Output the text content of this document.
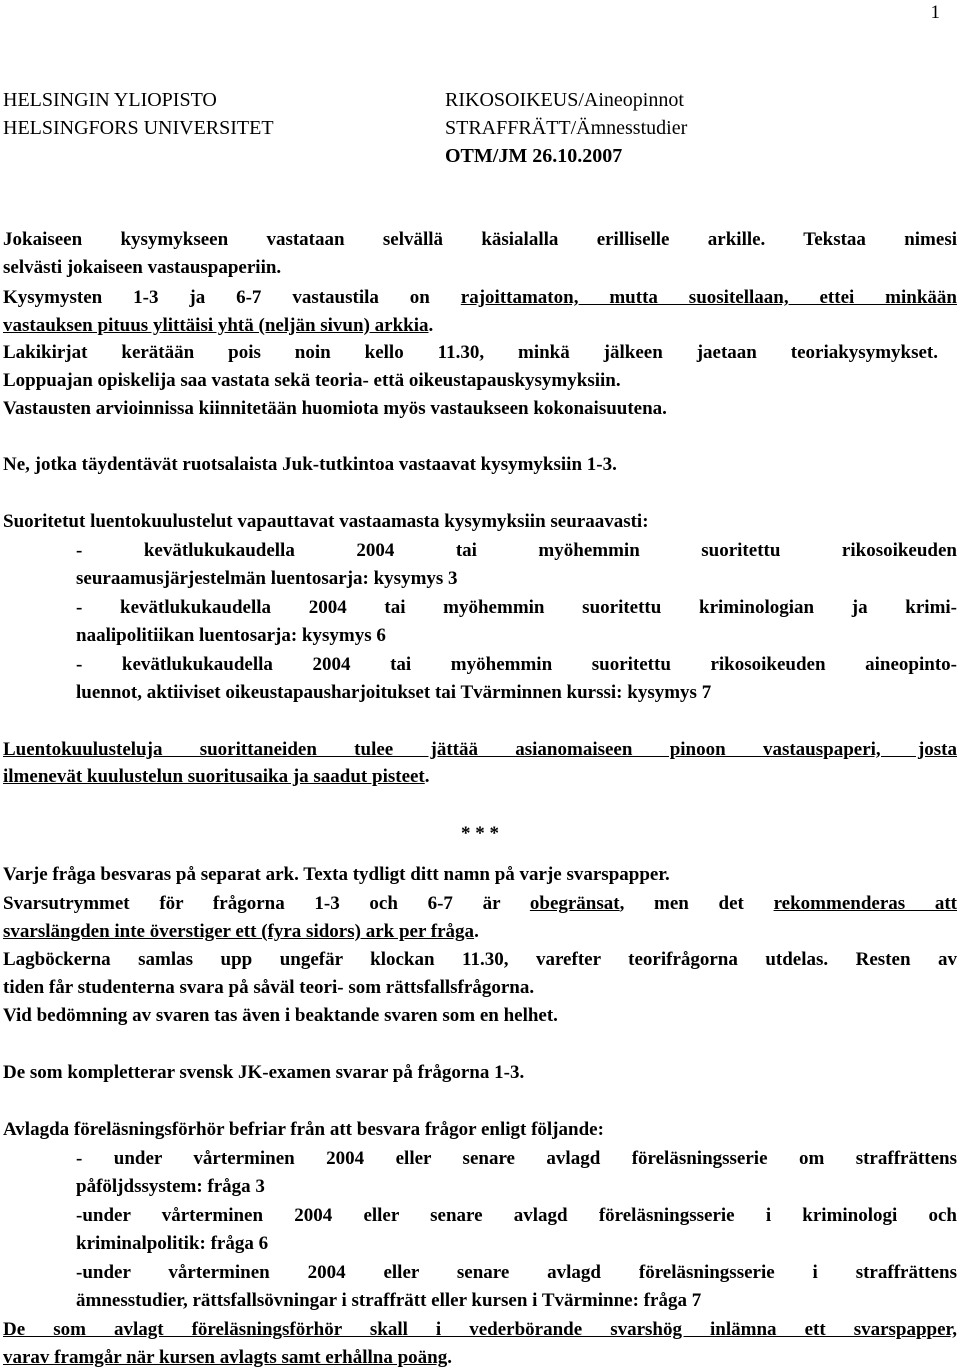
1
HELSINGIN YLIOPISTO
HELSINGFORS UNIVERSITET
RIKOSOIKEUS/Aineopinnot
STRAFFRÄTT/Ämnesstudier
OTM/JM 26.10.2007
Jokaiseen kysymykseen vastataan selvällä käsialalla erilliselle arkille. Tekstaa nimesi
selvästi jokaiseen vastauspaperiin.
Kysymysten 1-3 ja 6-7 vastaustila on rajoittamaton, mutta suositellaan, ettei minkään
vastauksen pituus ylittäisi yhtä (neljän sivun) arkkia.
Lakikirjat kerätään pois noin kello 11.30, minkä jälkeen jaetaan teoriakysymykset.
Loppuajan opiskelija saa vastata sekä teoria- että oikeustapauskysymyksiin.
Vastausten arvioinnissa kiinnitetään huomiota myös vastaukseen kokonaisuutena.
Ne, jotka täydentävät ruotsalaista Juk-tutkintoa vastaavat kysymyksiin 1-3.
Suoritetut luentokuulustelut vapauttavat vastaamasta kysymyksiin seuraavasti:
- kevätlukukaudella 2004 tai myöhemmin suoritettu rikosoikeuden
seuraamusjärjestelmän luentosarja: kysymys 3
- kevätlukukaudella 2004 tai myöhemmin suoritettu kriminologian ja krimi-
naalipolitiikan luentosarja: kysymys 6
- kevätlukukaudella 2004 tai myöhemmin suoritettu rikosoikeuden aineopinto-
luennot, aktiiviset oikeustapausharjoitukset tai Tvärminnen kurssi: kysymys 7
Luentokuulusteluja suorittaneiden tulee jättää asianomaiseen pinoon vastauspaperi, josta
ilmenevät kuulustelun suoritusaika ja saadut pisteet.
* * *
Varje fråga besvaras på separat ark. Texta tydligt ditt namn på varje svarspapper.
Svarsutrymmet för frågorna 1-3 och 6-7 är obegränsat, men det rekommenderas att
svarslängden inte överstiger ett (fyra sidors) ark per fråga.
Lagböckerna samlas upp ungefär klockan 11.30, varefter teorifrågorna utdelas. Resten av
tiden får studenterna svara på såväl teori- som rättsfallsfrågorna.
Vid bedömning av svaren tas även i beaktande svaren som en helhet.
De som kompletterar svensk JK-examen svarar på frågorna 1-3.
Avlagda föreläsningsförhör befriar från att besvara frågor enligt följande:
- under vårterminen 2004 eller senare avlagd föreläsningsserie om straffrättens
påföljdssystem: fråga 3
-under vårterminen 2004 eller senare avlagd föreläsningsserie i kriminologi och
kriminalpolitik: fråga 6
-under vårterminen 2004 eller senare avlagd föreläsningsserie i straffrättens
ämnesstudier, rättsfallsövningar i straffrätt eller kursen i Tvärminne: fråga 7
De som avlagt föreläsningsförhör skall i vederbörande svarshög inlämna ett svarspapper,
varav framgår när kursen avlagts samt erhållna poäng.
